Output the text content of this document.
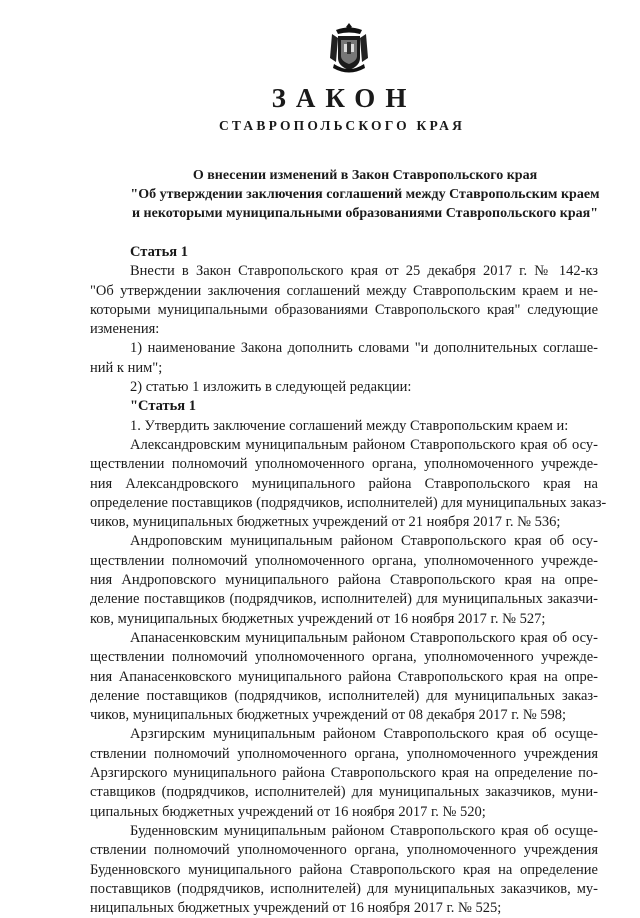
ЗАКОН
СТАВРОПОЛЬСКОГО КРАЯ
О внесении изменений в Закон Ставропольского края
"Об утверждении заключения соглашений между Ставропольским краем
и некоторыми муниципальными образованиями Ставропольского края"
Статья 1
Внести в Закон Ставропольского края от 25 декабря 2017 г. № 142-кз
"Об утверждении заключения соглашений между Ставропольским краем и не-
которыми муниципальными образованиями Ставропольского края" следующие
изменения:
1) наименование Закона дополнить словами "и дополнительных соглаше-
ний к ним";
2) статью 1 изложить в следующей редакции:
"Статья 1
1. Утвердить заключение соглашений между Ставропольским краем и:
Александровским муниципальным районом Ставропольского края об осу-
ществлении полномочий уполномоченного органа, уполномоченного учрежде-
ния Александровского муниципального района Ставропольского края на
определение поставщиков (подрядчиков, исполнителей) для муниципальных заказ-
чиков, муниципальных бюджетных учреждений от 21 ноября 2017 г. № 536;
Андроповским муниципальным районом Ставропольского края об осу-
ществлении полномочий уполномоченного органа, уполномоченного учрежде-
ния Андроповского муниципального района Ставропольского края на опре-
деление поставщиков (подрядчиков, исполнителей) для муниципальных заказчи-
ков, муниципальных бюджетных учреждений от 16 ноября 2017 г. № 527;
Апанасенковским муниципальным районом Ставропольского края об осу-
ществлении полномочий уполномоченного органа, уполномоченного учрежде-
ния Апанасенковского муниципального района Ставропольского края на опре-
деление поставщиков (подрядчиков, исполнителей) для муниципальных заказ-
чиков, муниципальных бюджетных учреждений от 08 декабря 2017 г. № 598;
Арзгирским муниципальным районом Ставропольского края об осуще-
ствлении полномочий уполномоченного органа, уполномоченного учреждения
Арзгирского муниципального района Ставропольского края на определение по-
ставщиков (подрядчиков, исполнителей) для муниципальных заказчиков, муни-
ципальных бюджетных учреждений от 16 ноября 2017 г. № 520;
Буденновским муниципальным районом Ставропольского края об осуще-
ствлении полномочий уполномоченного органа, уполномоченного учреждения
Буденновского муниципального района Ставропольского края на определение
поставщиков (подрядчиков, исполнителей) для муниципальных заказчиков, му-
ниципальных бюджетных учреждений от 16 ноября 2017 г. № 525;
